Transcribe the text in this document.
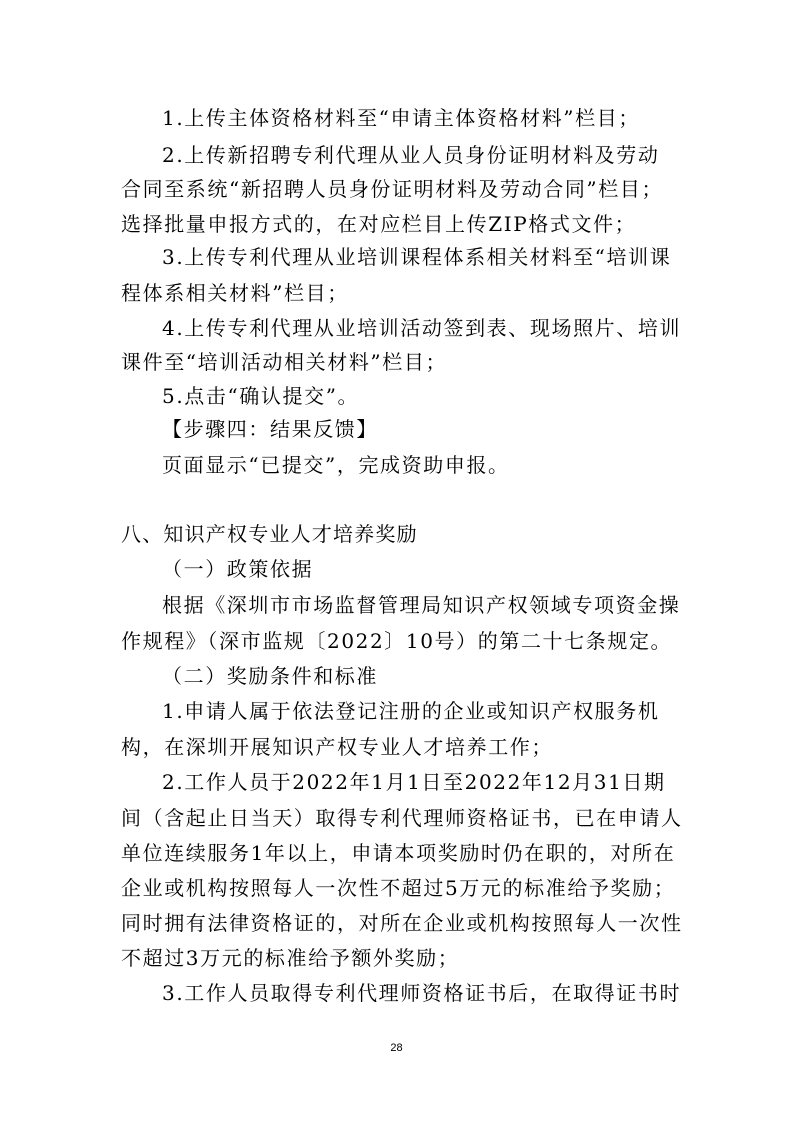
1.上传主体资格材料至“申请主体资格材料”栏目；
2.上传新招聘专利代理从业人员身份证明材料及劳动
合同至系统“新招聘人员身份证明材料及劳动合同”栏目；
选择批量申报方式的，在对应栏目上传ZIP格式文件；
3.上传专利代理从业培训课程体系相关材料至“培训课
程体系相关材料”栏目；
4.上传专利代理从业培训活动签到表、现场照片、培训
课件至“培训活动相关材料”栏目；
5.点击“确认提交”。
【步骤四：结果反馈】
页面显示“已提交”，完成资助申报。
八、知识产权专业人才培养奖励
（一）政策依据
根据《深圳市市场监督管理局知识产权领域专项资金操
作规程》（深市监规〔2022〕10号）的第二十七条规定。
（二）奖励条件和标准
1.申请人属于依法登记注册的企业或知识产权服务机
构，在深圳开展知识产权专业人才培养工作；
2.工作人员于2022年1月1日至2022年12月31日期
间（含起止日当天）取得专利代理师资格证书，已在申请人
单位连续服务1年以上，申请本项奖励时仍在职的，对所在
企业或机构按照每人一次性不超过5万元的标准给予奖励；
同时拥有法律资格证的，对所在企业或机构按照每人一次性
不超过3万元的标准给予额外奖励；
3.工作人员取得专利代理师资格证书后，在取得证书时
28
